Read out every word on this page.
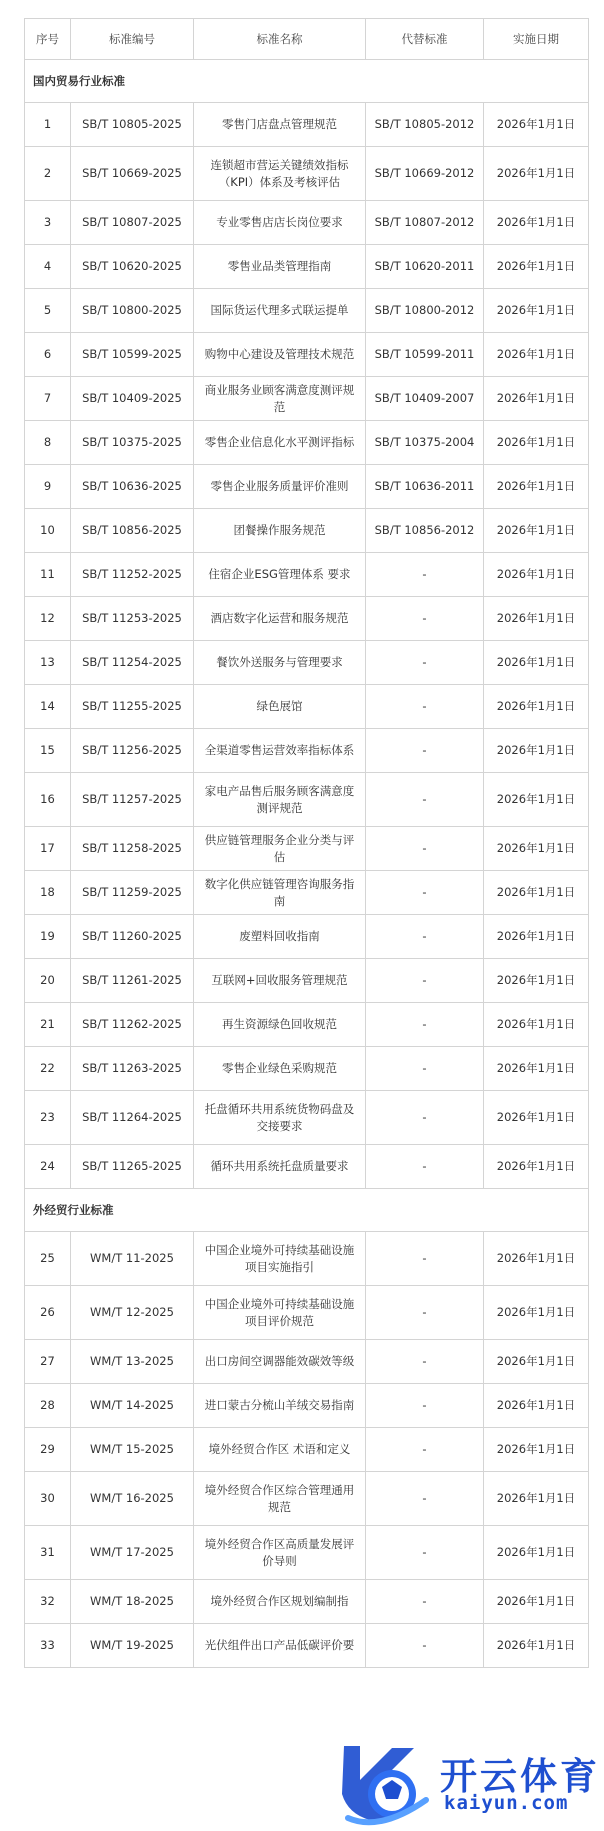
序号	标准编号	标准名称	代替标准	实施日期
国内贸易行业标准				
1	SB/T 10805-2025	零售门店盘点管理规范	SB/T 10805-2012	2026年1月1日
2	SB/T 10669-2025	连锁超市营运关键绩效指标（KPI）体系及考核评估	SB/T 10669-2012	2026年1月1日
3	SB/T 10807-2025	专业零售店店长岗位要求	SB/T 10807-2012	2026年1月1日
4	SB/T 10620-2025	零售业品类管理指南	SB/T 10620-2011	2026年1月1日
5	SB/T 10800-2025	国际货运代理多式联运提单	SB/T 10800-2012	2026年1月1日
6	SB/T 10599-2025	购物中心建设及管理技术规范	SB/T 10599-2011	2026年1月1日
7	SB/T 10409-2025	商业服务业顾客满意度测评规范	SB/T 10409-2007	2026年1月1日
8	SB/T 10375-2025	零售企业信息化水平测评指标	SB/T 10375-2004	2026年1月1日
9	SB/T 10636-2025	零售企业服务质量评价准则	SB/T 10636-2011	2026年1月1日
10	SB/T 10856-2025	团餐操作服务规范	SB/T 10856-2012	2026年1月1日
11	SB/T 11252-2025	住宿企业ESG管理体系 要求	-	2026年1月1日
12	SB/T 11253-2025	酒店数字化运营和服务规范	-	2026年1月1日
13	SB/T 11254-2025	餐饮外送服务与管理要求	-	2026年1月1日
14	SB/T 11255-2025	绿色展馆	-	2026年1月1日
15	SB/T 11256-2025	全渠道零售运营效率指标体系	-	2026年1月1日
16	SB/T 11257-2025	家电产品售后服务顾客满意度测评规范	-	2026年1月1日
17	SB/T 11258-2025	供应链管理服务企业分类与评估	-	2026年1月1日
18	SB/T 11259-2025	数字化供应链管理咨询服务指南	-	2026年1月1日
19	SB/T 11260-2025	废塑料回收指南	-	2026年1月1日
20	SB/T 11261-2025	互联网+回收服务管理规范	-	2026年1月1日
21	SB/T 11262-2025	再生资源绿色回收规范	-	2026年1月1日
22	SB/T 11263-2025	零售企业绿色采购规范	-	2026年1月1日
23	SB/T 11264-2025	托盘循环共用系统货物码盘及交接要求	-	2026年1月1日
24	SB/T 11265-2025	循环共用系统托盘质量要求	-	2026年1月1日
外经贸行业标准				
25	WM/T 11-2025	中国企业境外可持续基础设施项目实施指引	-	2026年1月1日
26	WM/T 12-2025	中国企业境外可持续基础设施项目评价规范	-	2026年1月1日
27	WM/T 13-2025	出口房间空调器能效碳效等级	-	2026年1月1日
28	WM/T 14-2025	进口蒙古分梳山羊绒交易指南	-	2026年1月1日
29	WM/T 15-2025	境外经贸合作区 术语和定义	-	2026年1月1日
30	WM/T 16-2025	境外经贸合作区综合管理通用规范	-	2026年1月1日
31	WM/T 17-2025	境外经贸合作区高质量发展评价导则	-	2026年1月1日
32	WM/T 18-2025	境外经贸合作区规划编制指	-	2026年1月1日
33	WM/T 19-2025	光伏组件出口产品低碳评价要	-	2026年1月1日
开云体育
kaiyun.com
